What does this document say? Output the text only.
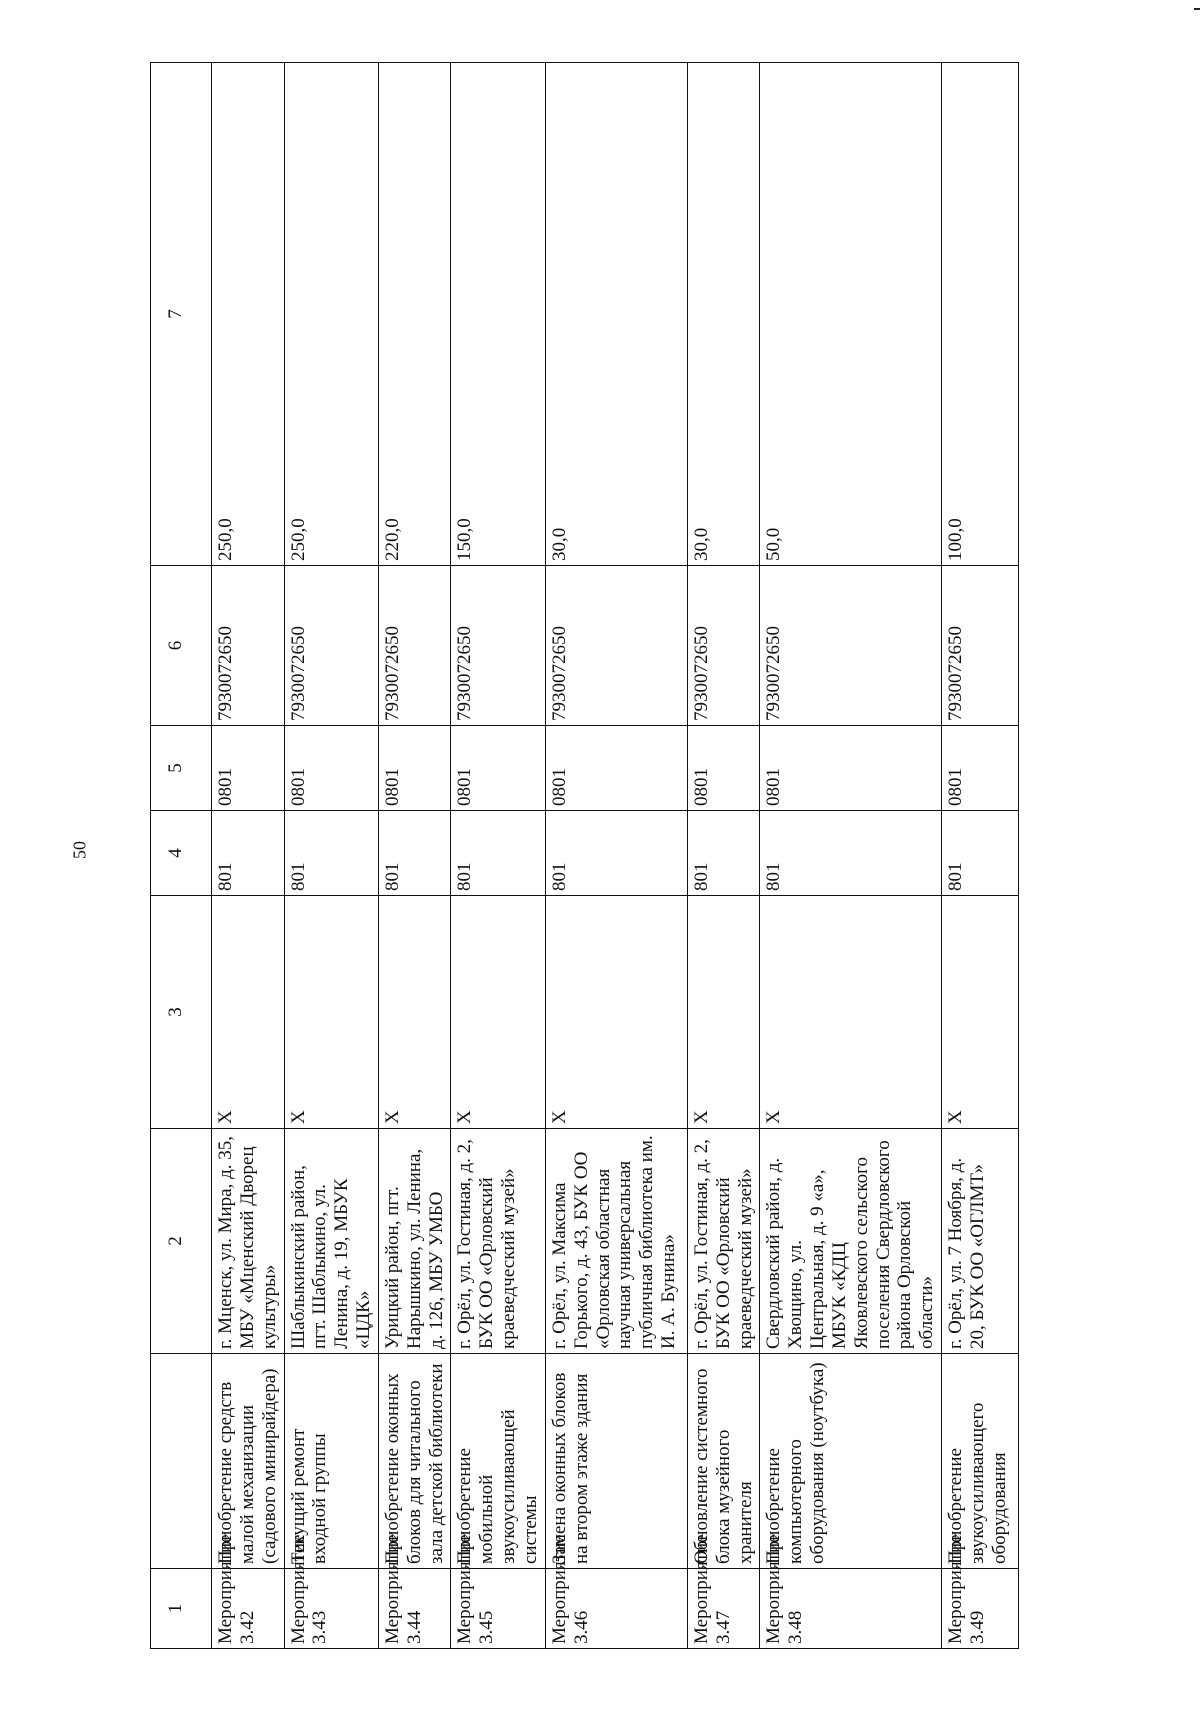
50
1		2	3	4	5	6	7
Мероприятие 3.42	Приобретение средств малой механизации (садового минирайдера)	г. Мценск, ул. Мира, д. 35, МБУ «Мценский Дворец культуры»	Х	801	0801	7930072650	250,0
Мероприятие 3.43	Текущий ремонт входной группы	Шаблыкинский район, пгт. Шаблыкино, ул. Ленина, д. 19, МБУК «ЦДК»	Х	801	0801	7930072650	250,0
Мероприятие 3.44	Приобретение оконных блоков для читального зала детской библиотеки	Урицкий район, пгт. Нарышкино, ул. Ленина, д. 126, МБУ УМБО	Х	801	0801	7930072650	220,0
Мероприятие 3.45	Приобретение мобильной звукоусиливающей системы	г. Орёл, ул. Гостиная, д. 2, БУК ОО «Орловский краеведческий музей»	Х	801	0801	7930072650	150,0
Мероприятие 3.46	Замена оконных блоков на втором этаже здания	г. Орёл, ул. Максима Горького, д. 43, БУК ОО «Орловская областная научная универсальная публичная библиотека им. И. А. Бунина»	Х	801	0801	7930072650	30,0
Мероприятие 3.47	Обновление системного блока музейного хранителя	г. Орёл, ул. Гостиная, д. 2, БУК ОО «Орловский краеведческий музей»	Х	801	0801	7930072650	30,0
Мероприятие 3.48	Приобретение компьютерного оборудования (ноутбука)	Свердловский район, д. Хвощино, ул. Центральная, д. 9 «а», МБУК «КДЦ Яковлевского сельского поселения Свердловского района Орловской области»	Х	801	0801	7930072650	50,0
Мероприятие 3.49	Приобретение звукоусиливающего оборудования	г. Орёл, ул. 7 Ноября, д. 20, БУК ОО «ОГЛМТ»	Х	801	0801	7930072650	100,0
